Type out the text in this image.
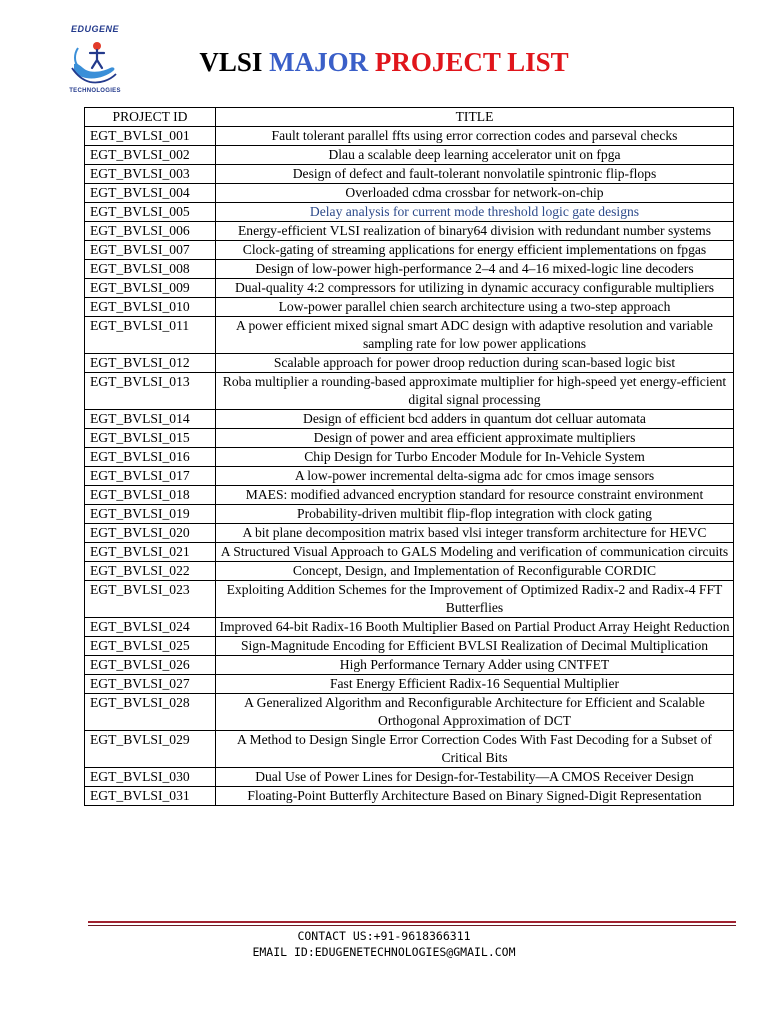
EDUGENE
TECHNOLOGIES
VLSI MAJOR PROJECT LIST
PROJECT ID	TITLE
EGT_BVLSI_001	Fault tolerant parallel ffts using error correction codes and parseval checks
EGT_BVLSI_002	Dlau a scalable deep learning accelerator unit on fpga
EGT_BVLSI_003	Design of defect and fault-tolerant nonvolatile spintronic flip-flops
EGT_BVLSI_004	Overloaded cdma crossbar for network-on-chip
EGT_BVLSI_005	Delay analysis for current mode threshold logic gate designs
EGT_BVLSI_006	Energy-efficient VLSI realization of binary64 division with redundant number systems
EGT_BVLSI_007	Clock-gating of streaming applications for energy efficient implementations on fpgas
EGT_BVLSI_008	Design of low-power high-performance 2–4 and 4–16 mixed-logic line decoders
EGT_BVLSI_009	Dual-quality 4:2 compressors for utilizing in dynamic accuracy configurable multipliers
EGT_BVLSI_010	Low-power parallel chien search architecture using a two-step approach
EGT_BVLSI_011	A power efficient mixed signal smart ADC design with adaptive resolution and variable sampling rate for low power applications
EGT_BVLSI_012	Scalable approach for power droop reduction during scan-based logic bist
EGT_BVLSI_013	Roba multiplier a rounding-based approximate multiplier for high-speed yet energy-efficient digital signal processing
EGT_BVLSI_014	Design of efficient bcd adders in quantum dot celluar automata
EGT_BVLSI_015	Design of power and area efficient approximate multipliers
EGT_BVLSI_016	Chip Design for Turbo Encoder Module for In-Vehicle System
EGT_BVLSI_017	A low-power incremental delta-sigma adc for cmos image sensors
EGT_BVLSI_018	MAES: modified advanced encryption standard for resource constraint environment
EGT_BVLSI_019	Probability-driven multibit flip-flop integration with clock gating
EGT_BVLSI_020	A bit plane decomposition matrix based vlsi integer transform architecture for HEVC
EGT_BVLSI_021	A Structured Visual Approach to GALS Modeling and verification of communication circuits
EGT_BVLSI_022	Concept, Design, and Implementation of Reconfigurable CORDIC
EGT_BVLSI_023	Exploiting Addition Schemes for the Improvement of Optimized Radix-2 and Radix-4 FFT Butterflies
EGT_BVLSI_024	Improved 64-bit Radix-16 Booth Multiplier Based on Partial Product Array Height Reduction
EGT_BVLSI_025	Sign-Magnitude Encoding for Efficient BVLSI Realization of Decimal Multiplication
EGT_BVLSI_026	High Performance Ternary Adder using CNTFET
EGT_BVLSI_027	Fast Energy Efficient Radix-16 Sequential Multiplier
EGT_BVLSI_028	A Generalized Algorithm and Reconfigurable Architecture for Efficient and Scalable Orthogonal Approximation of DCT
EGT_BVLSI_029	A Method to Design Single Error Correction Codes With Fast Decoding for a Subset of Critical Bits
EGT_BVLSI_030	Dual Use of Power Lines for Design-for-Testability—A CMOS Receiver Design
EGT_BVLSI_031	Floating-Point Butterfly Architecture Based on Binary Signed-Digit Representation
CONTACT US:+91-9618366311
EMAIL ID:EDUGENETECHNOLOGIES@GMAIL.COM
